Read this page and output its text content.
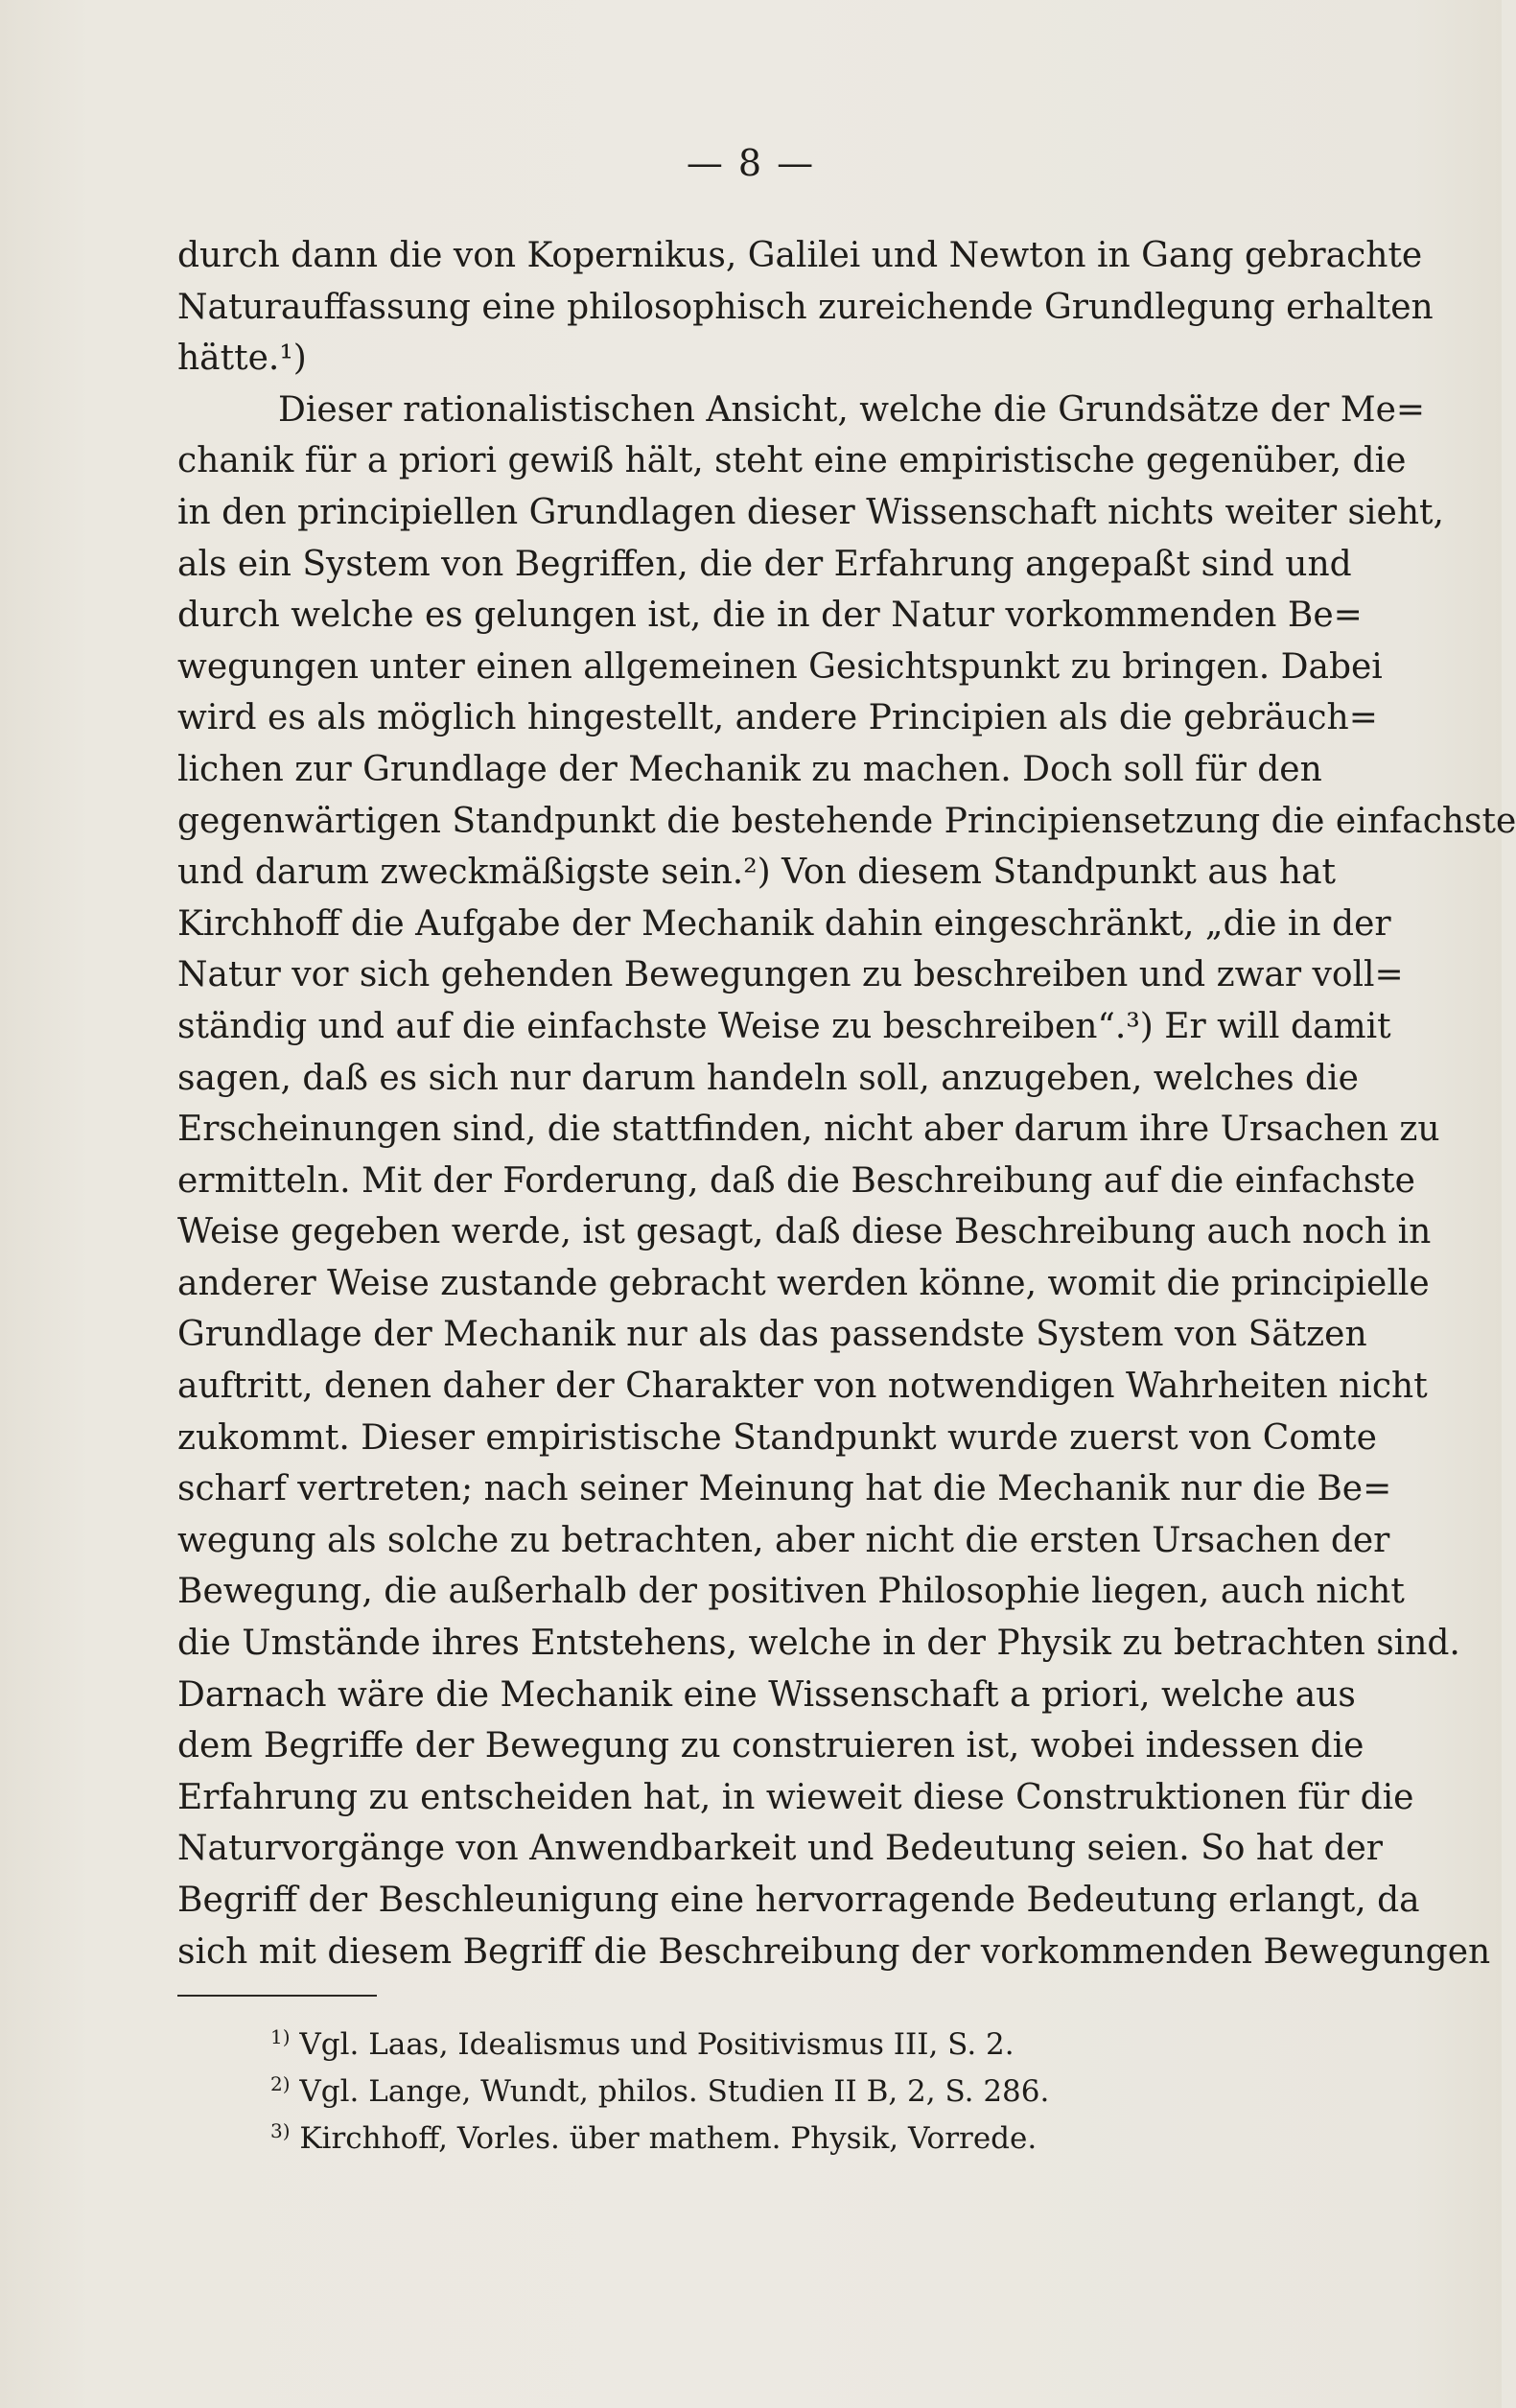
— 8 —
durch dann die von Kopernikus, Galilei und Newton in Gang gebrachte
Naturauffassung eine philosophisch zureichende Grundlegung erhalten
hätte.¹)
Dieser rationalistischen Ansicht, welche die Grundsätze der Me=
chanik für a priori gewiß hält, steht eine empiristische gegenüber, die
in den principiellen Grundlagen dieser Wissenschaft nichts weiter sieht,
als ein System von Begriffen, die der Erfahrung angepaßt sind und
durch welche es gelungen ist, die in der Natur vorkommenden Be=
wegungen unter einen allgemeinen Gesichtspunkt zu bringen. Dabei
wird es als möglich hingestellt, andere Principien als die gebräuch=
lichen zur Grundlage der Mechanik zu machen. Doch soll für den
gegenwärtigen Standpunkt die bestehende Principiensetzung die einfachste
und darum zweckmäßigste sein.²) Von diesem Standpunkt aus hat
Kirchhoff die Aufgabe der Mechanik dahin eingeschränkt, „die in der
Natur vor sich gehenden Bewegungen zu beschreiben und zwar voll=
ständig und auf die einfachste Weise zu beschreiben“.³) Er will damit
sagen, daß es sich nur darum handeln soll, anzugeben, welches die
Erscheinungen sind, die stattfinden, nicht aber darum ihre Ursachen zu
ermitteln. Mit der Forderung, daß die Beschreibung auf die einfachste
Weise gegeben werde, ist gesagt, daß diese Beschreibung auch noch in
anderer Weise zustande gebracht werden könne, womit die principielle
Grundlage der Mechanik nur als das passendste System von Sätzen
auftritt, denen daher der Charakter von notwendigen Wahrheiten nicht
zukommt. Dieser empiristische Standpunkt wurde zuerst von Comte
scharf vertreten; nach seiner Meinung hat die Mechanik nur die Be=
wegung als solche zu betrachten, aber nicht die ersten Ursachen der
Bewegung, die außerhalb der positiven Philosophie liegen, auch nicht
die Umstände ihres Entstehens, welche in der Physik zu betrachten sind.
Darnach wäre die Mechanik eine Wissenschaft a priori, welche aus
dem Begriffe der Bewegung zu construieren ist, wobei indessen die
Erfahrung zu entscheiden hat, in wieweit diese Construktionen für die
Naturvorgänge von Anwendbarkeit und Bedeutung seien. So hat der
Begriff der Beschleunigung eine hervorragende Bedeutung erlangt, da
sich mit diesem Begriff die Beschreibung der vorkommenden Bewegungen
$^{1)}$ Vgl. Laas, Idealismus und Positivismus III, S. 2.
$^{2)}$ Vgl. Lange, Wundt, philos. Studien II B, 2, S. 286.
$^{3)}$ Kirchhoff, Vorles. über mathem. Physik, Vorrede.
